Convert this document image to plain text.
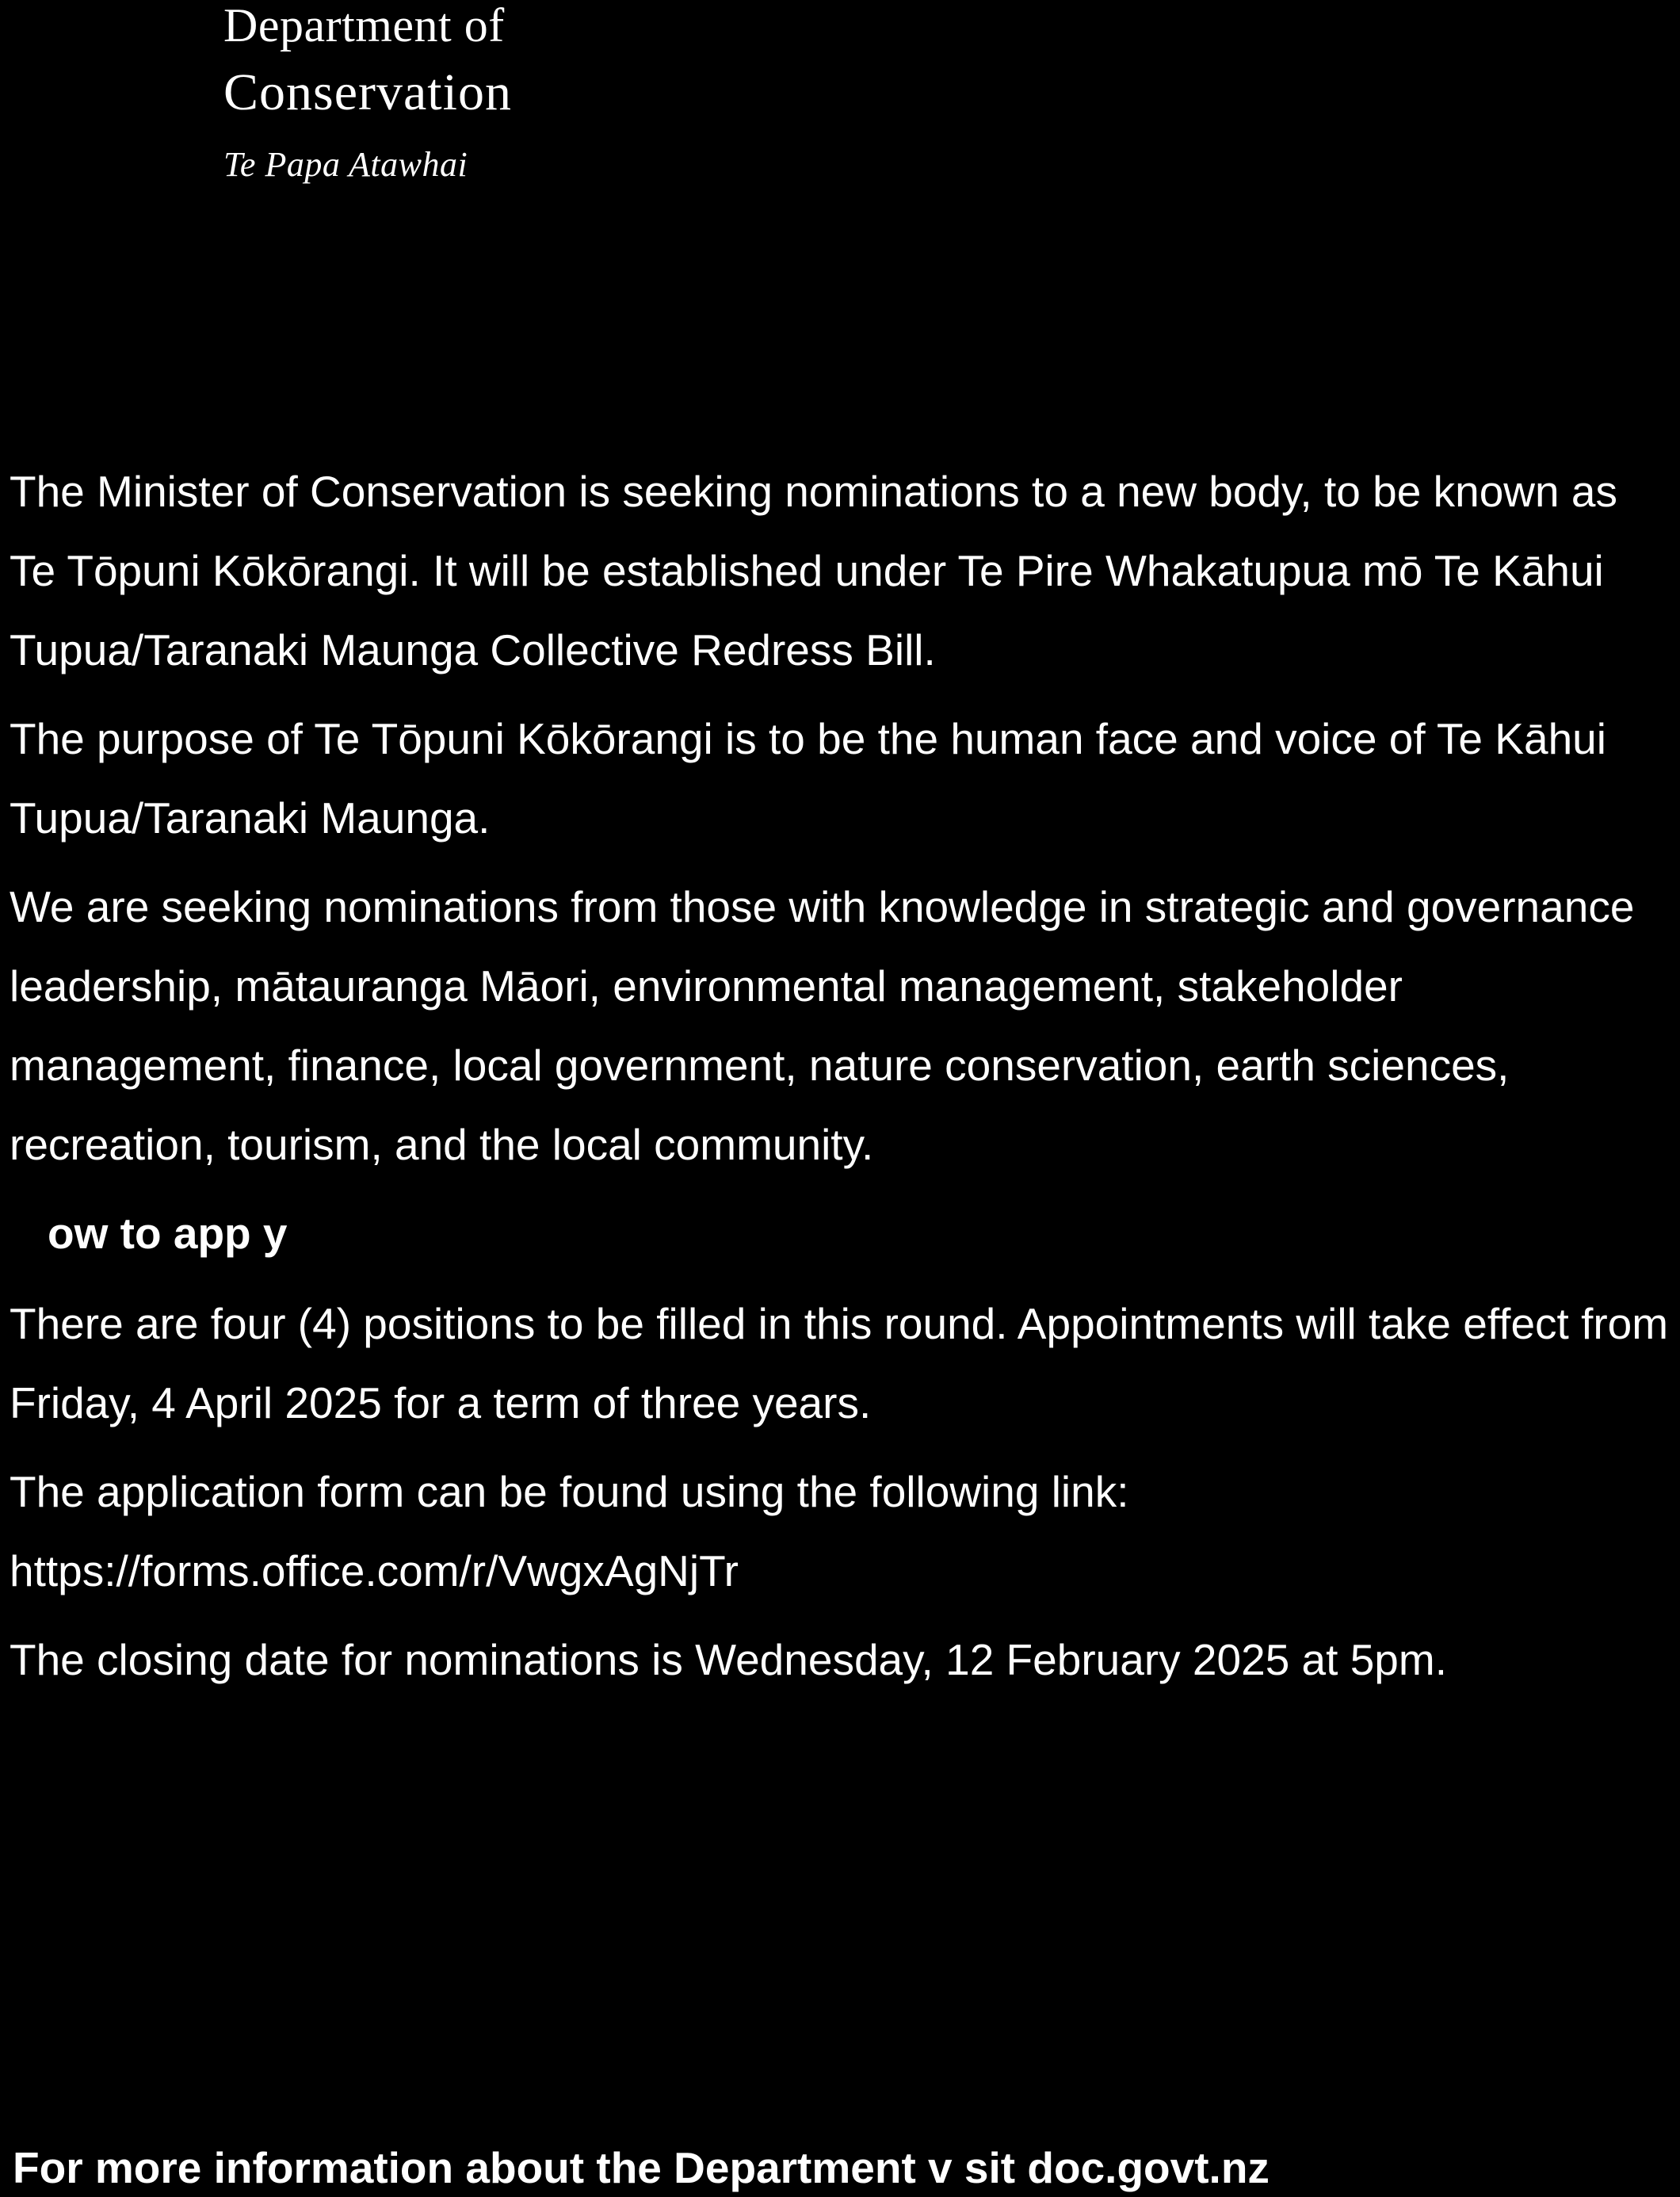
Department of
Conservation
Te Papa Atawhai

The Minister of Conservation is seeking nominations to a new body, to be known as Te Tōpuni Kōkōrangi. It will be established under Te Pire Whakatupua mō Te Kāhui Tupua/Taranaki Maunga Collective Redress Bill.

The purpose of Te Tōpuni Kōkōrangi is to be the human face and voice of Te Kāhui Tupua/Taranaki Maunga.

We are seeking nominations from those with knowledge in strategic and governance leadership, mātauranga Māori, environmental management, stakeholder management, finance, local government, nature conservation, earth sciences, recreation, tourism, and the local community.

ow to app y

There are four (4) positions to be filled in this round. Appointments will take effect from Friday, 4 April 2025 for a term of three years.

The application form can be found using the following link: https://forms.office.com/r/VwgxAgNjTr

The closing date for nominations is Wednesday, 12 February 2025 at 5pm.

For more information about the Department v sit doc.govt.nz
